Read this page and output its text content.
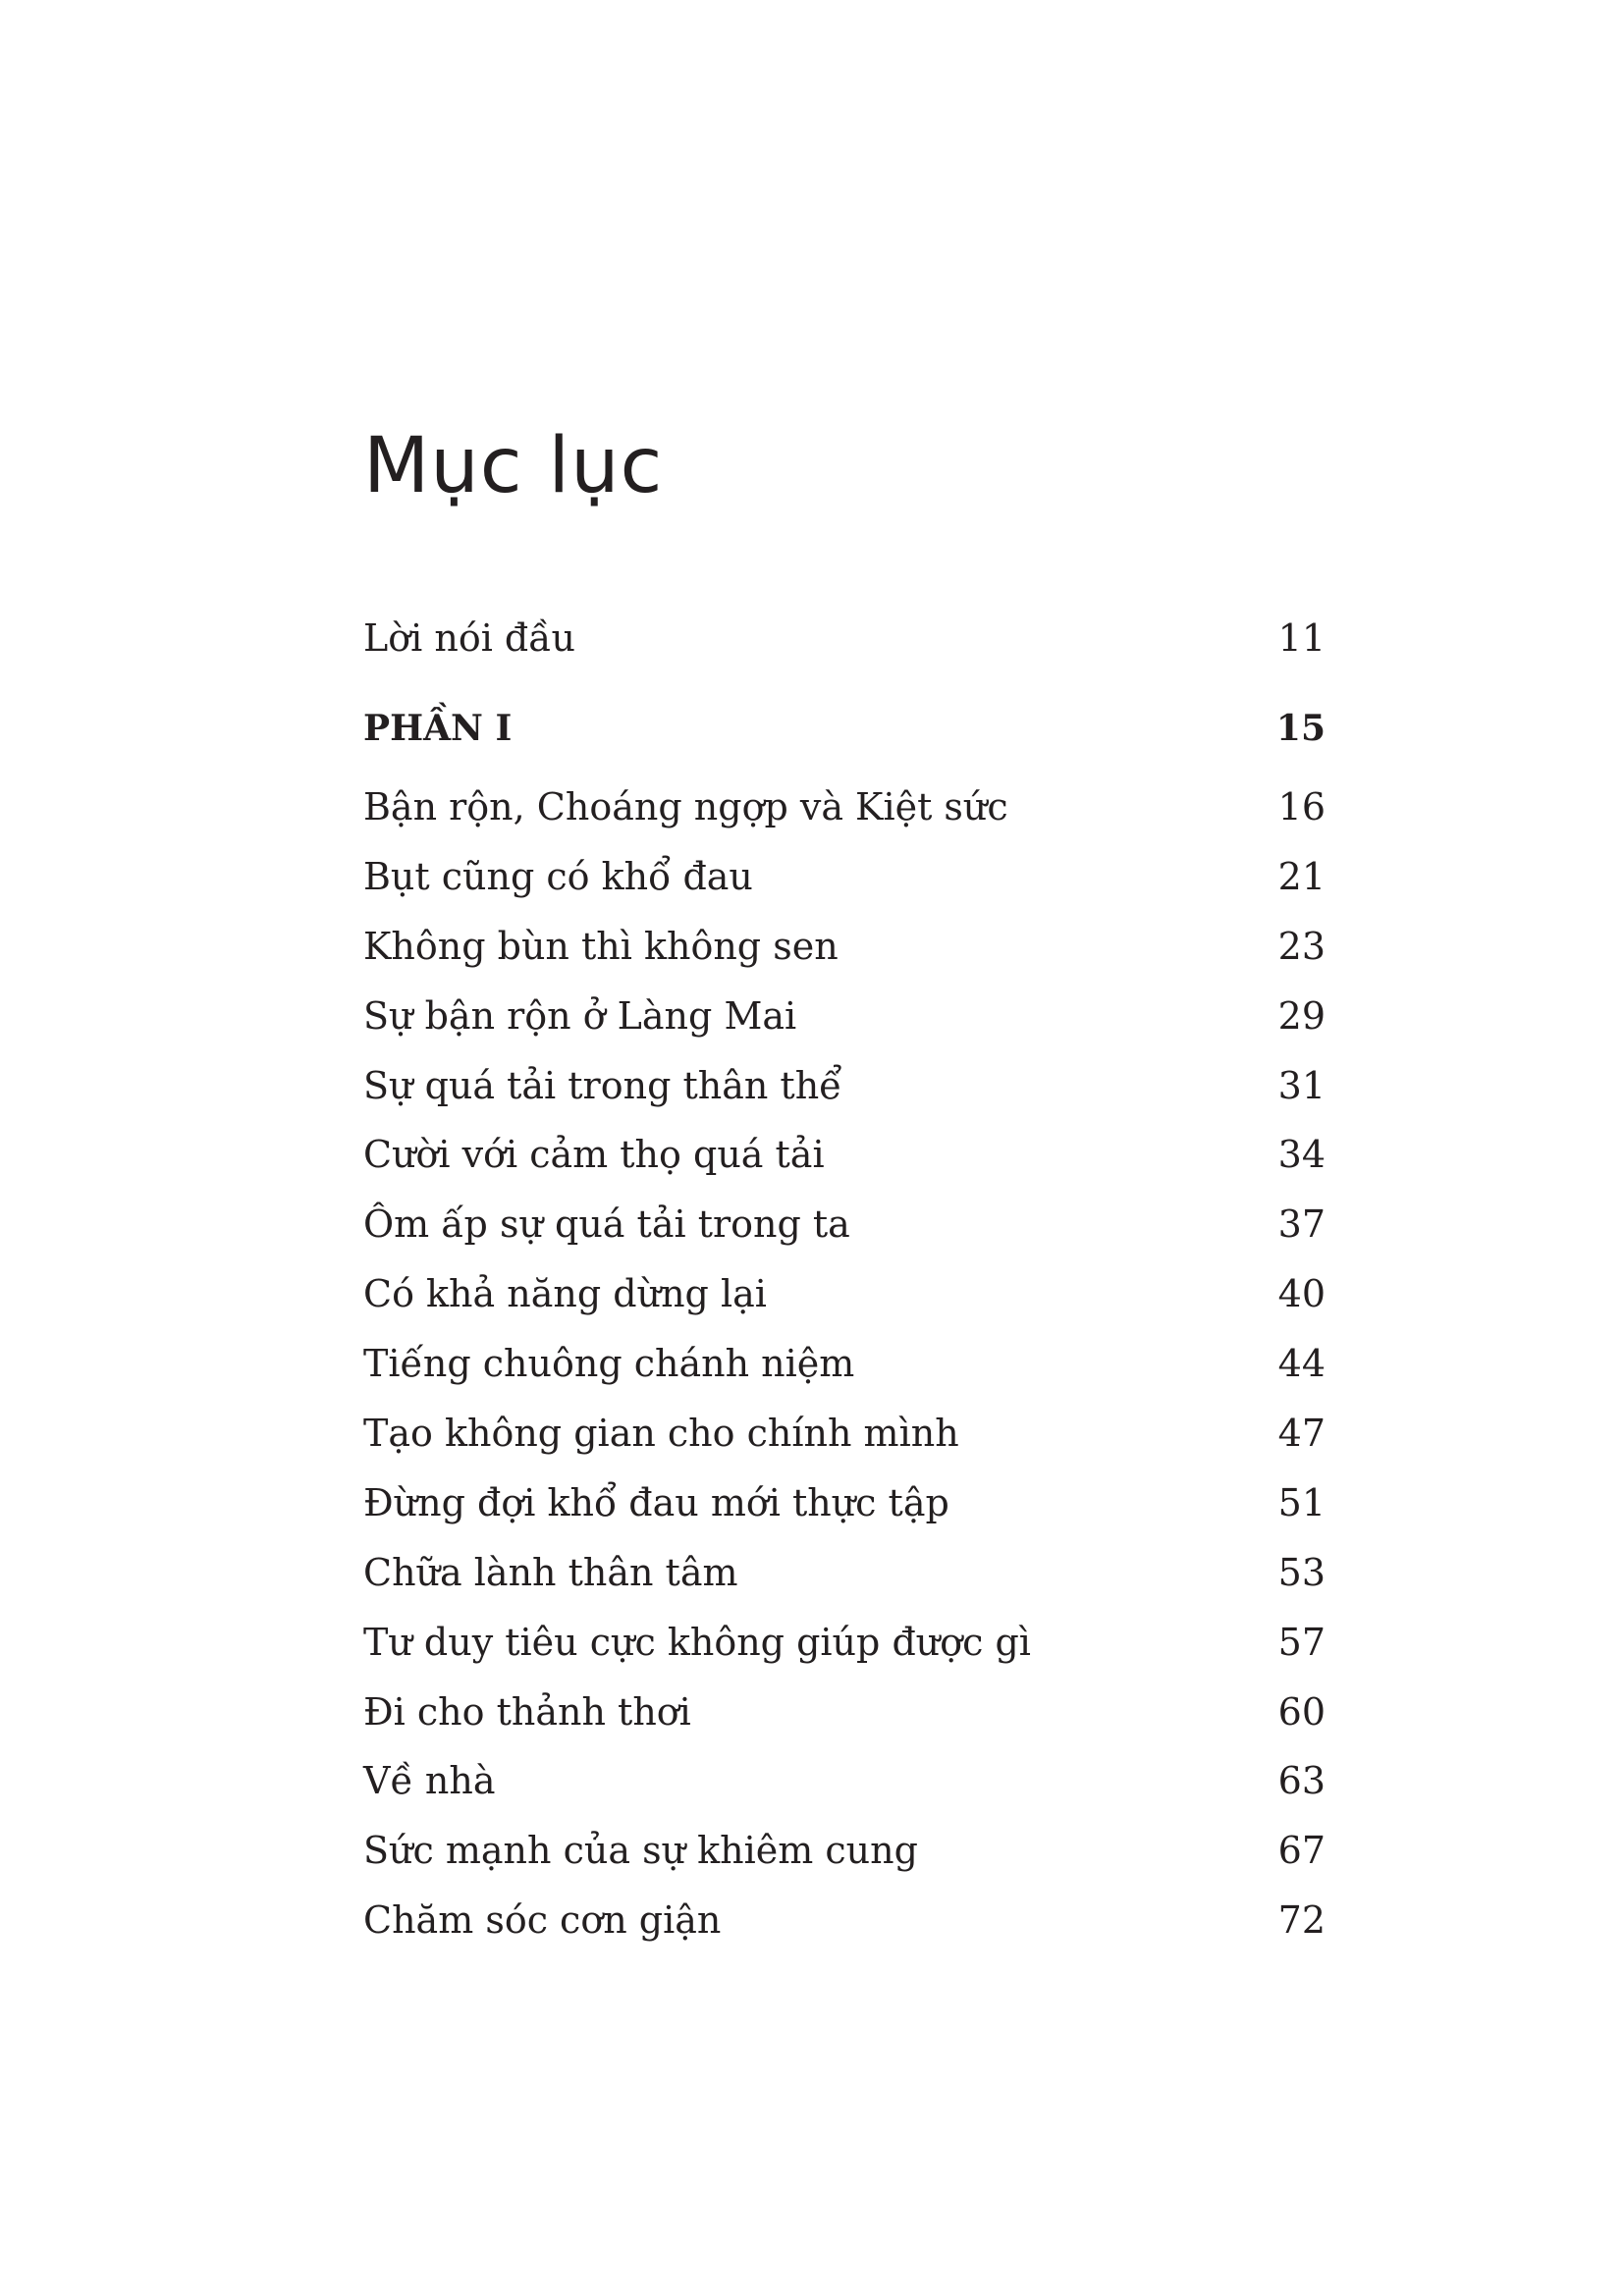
Mục lục
Lời nói đầu	11
PHẦN I	15
Bận rộn, Choáng ngợp và Kiệt sức	16
Bụt cũng có khổ đau	21
Không bùn thì không sen	23
Sự bận rộn ở Làng Mai	29
Sự quá tải trong thân thể	31
Cười với cảm thọ quá tải	34
Ôm ấp sự quá tải trong ta	37
Có khả năng dừng lại	40
Tiếng chuông chánh niệm	44
Tạo không gian cho chính mình	47
Đừng đợi khổ đau mới thực tập	51
Chữa lành thân tâm	53
Tư duy tiêu cực không giúp được gì	57
Đi cho thảnh thơi	60
Về nhà	63
Sức mạnh của sự khiêm cung	67
Chăm sóc cơn giận	72
